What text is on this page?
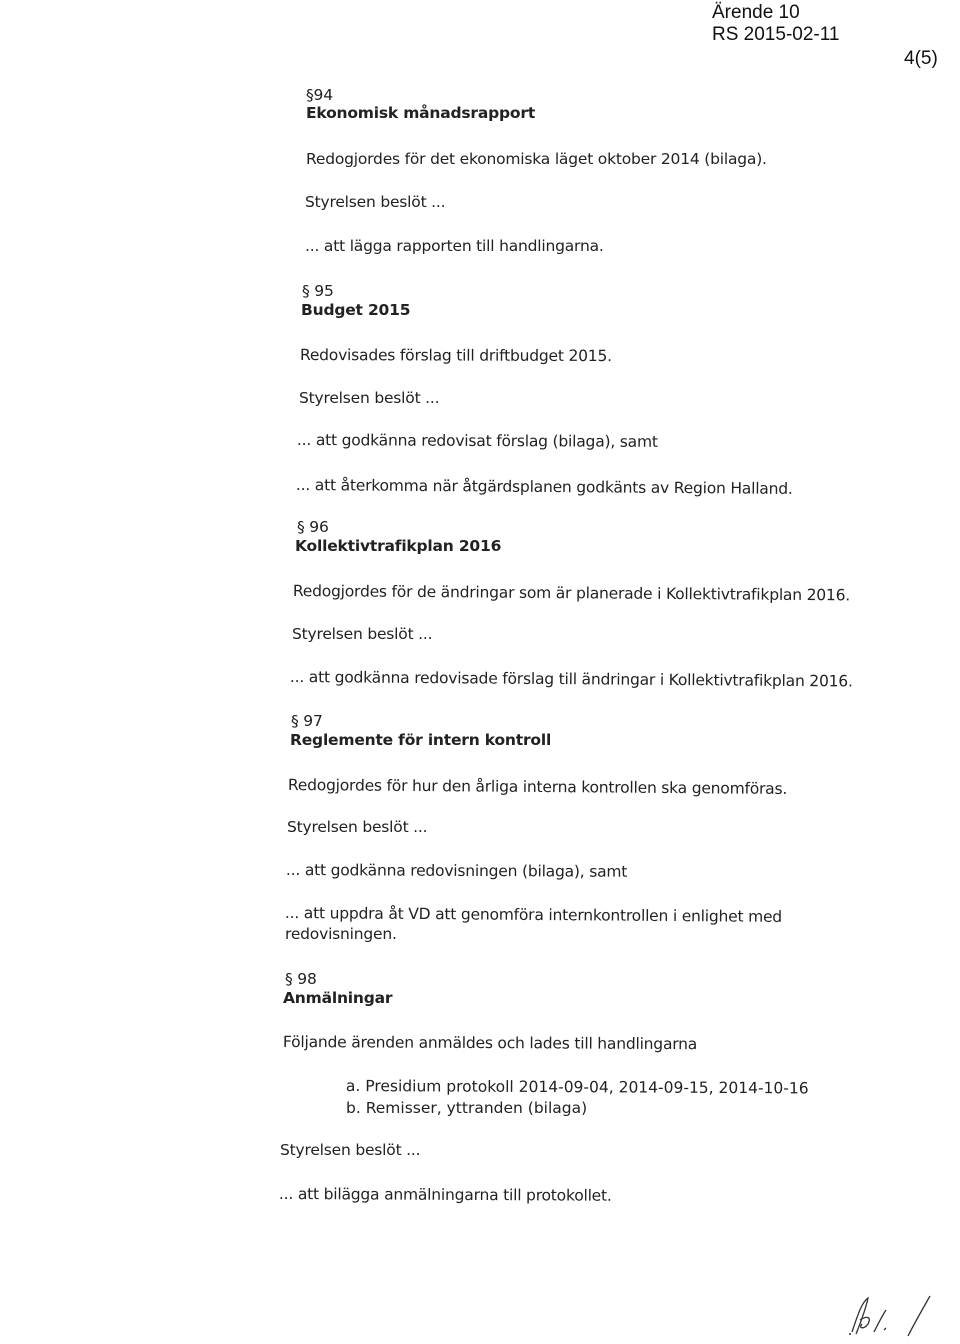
Ärende 10
RS 2015-02-11
4(5)
§94
Ekonomisk månadsrapport
Redogjordes för det ekonomiska läget oktober 2014 (bilaga).
Styrelsen beslöt ...
... att lägga rapporten till handlingarna.
§ 95
Budget 2015
Redovisades förslag till driftbudget 2015.
Styrelsen beslöt ...
... att godkänna redovisat förslag (bilaga), samt
... att återkomma när åtgärdsplanen godkänts av Region Halland.
§ 96
Kollektivtrafikplan 2016
Redogjordes för de ändringar som är planerade i Kollektivtrafikplan 2016.
Styrelsen beslöt ...
... att godkänna redovisade förslag till ändringar i Kollektivtrafikplan 2016.
§ 97
Reglemente för intern kontroll
Redogjordes för hur den årliga interna kontrollen ska genomföras.
Styrelsen beslöt ...
... att godkänna redovisningen (bilaga), samt
... att uppdra åt VD att genomföra internkontrollen i enlighet med
redovisningen.
§ 98
Anmälningar
Följande ärenden anmäldes och lades till handlingarna
a. Presidium protokoll 2014-09-04, 2014-09-15, 2014-10-16
b. Remisser, yttranden (bilaga)
Styrelsen beslöt ...
... att bilägga anmälningarna till protokollet.
